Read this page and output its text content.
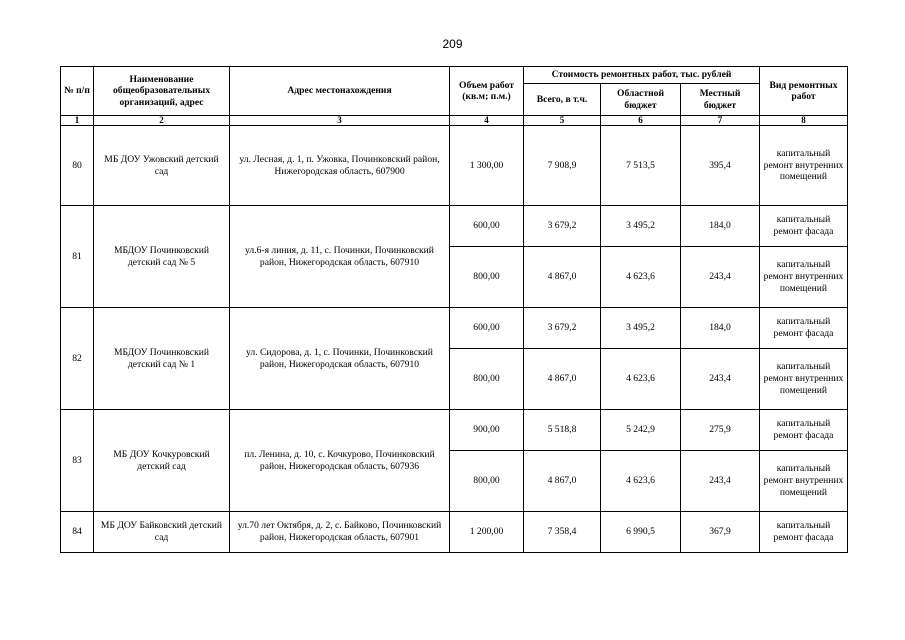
209
№ п/п	Наименование общеобразовательных организаций, адрес	Адрес местонахождения	Объем работ (кв.м; п.м.)	Стоимость ремонтных работ, тыс. рублей			Вид ремонтных работ
				Всего, в т.ч.	Областной бюджет	Местный бюджет	
1	2	3	4	5	6	7	8
80	МБ ДОУ Ужовский детский сад	ул. Лесная, д. 1, п. Ужовка, Починковский район, Нижегородская область, 607900	1 300,00	7 908,9	7 513,5	395,4	капитальный ремонт внутренних помещений
81	МБДОУ Починковский детский сад № 5	ул.6-я линия, д. 11, с. Починки, Починковский район, Нижегородская область, 607910	600,00	3 679,2	3 495,2	184,0	капитальный ремонт фасада
			800,00	4 867,0	4 623,6	243,4	капитальный ремонт внутренних помещений
82	МБДОУ Починковский детский сад № 1	ул. Сидорова, д. 1, с. Починки, Починковский район, Нижегородская область, 607910	600,00	3 679,2	3 495,2	184,0	капитальный ремонт фасада
			800,00	4 867,0	4 623,6	243,4	капитальный ремонт внутренних помещений
83	МБ ДОУ Кочкуровский детский сад	пл. Ленина, д. 10, с. Кочкурово, Починковский район, Нижегородская область, 607936	900,00	5 518,8	5 242,9	275,9	капитальный ремонт фасада
			800,00	4 867,0	4 623,6	243,4	капитальный ремонт внутренних помещений
84	МБ ДОУ Байковский детский сад	ул.70 лет Октября, д. 2, с. Байково, Починковский район, Нижегородская область, 607901	1 200,00	7 358,4	6 990,5	367,9	капитальный ремонт фасада
